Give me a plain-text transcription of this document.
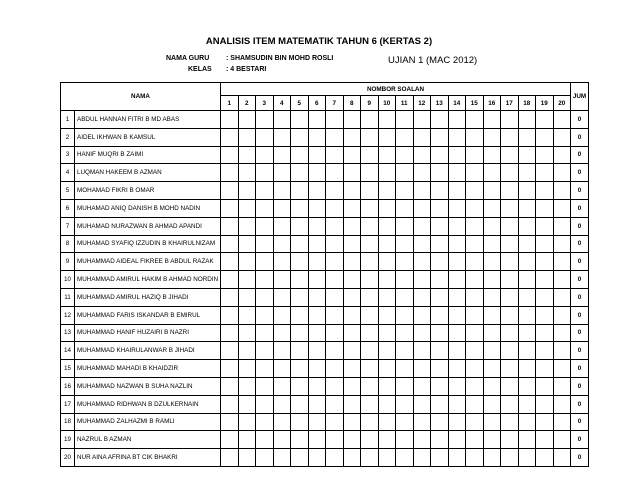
ANALISIS ITEM MATEMATIK TAHUN 6 (KERTAS 2)
NAMA GURU : SHAMSUDIN BIN MOHD ROSLI
KELAS : 4 BESTARI
UJIAN 1 (MAC 2012)
NAMA		NOMBOR SOALAN																				JUM
		1	2	3	4	5	6	7	8	9	10	11	12	13	14	15	16	17	18	19	20	
1	ABDUL HANNAN FITRI B MD ABAS																					0
2	AIDEL IKHWAN B KAMSUL																					0
3	HANIF MUQRI B ZAIMI																					0
4	LUQMAN HAKEEM B AZMAN																					0
5	MOHAMAD FIKRI B OMAR																					0
6	MUHAMAD ANIQ DANISH B MOHD NADIN																					0
7	MUHAMAD NURAZWAN B AHMAD APANDI																					0
8	MUHAMAD SYAFIQ IZZUDIN B KHAIRULNIZAM																					0
9	MUHAMMAD AIDEAL FIKREE B ABDUL RAZAK																					0
10	MUHAMMAD AMIRUL HAKIM B AHMAD NORDIN																					0
11	MUHAMMAD AMIRUL HAZIQ B JIHADI																					0
12	MUHAMMAD FARIS ISKANDAR B EMIRUL																					0
13	MUHAMMAD HANIF HUZAIRI B NAZRI																					0
14	MUHAMMAD KHAIRULANWAR B JIHADI																					0
15	MUHAMMAD MAHADI B KHAIDZIR																					0
16	MUHAMMAD NAZWAN B SUHA NAZLIN																					0
17	MUHAMMAD RIDHWAN B DZULKERNAIN																					0
18	MUHAMMAD ZALHAZMI B RAMLI																					0
19	NAZRUL B AZMAN																					0
20	NUR AINA AFRINA BT CIK BHAKRI																					0
